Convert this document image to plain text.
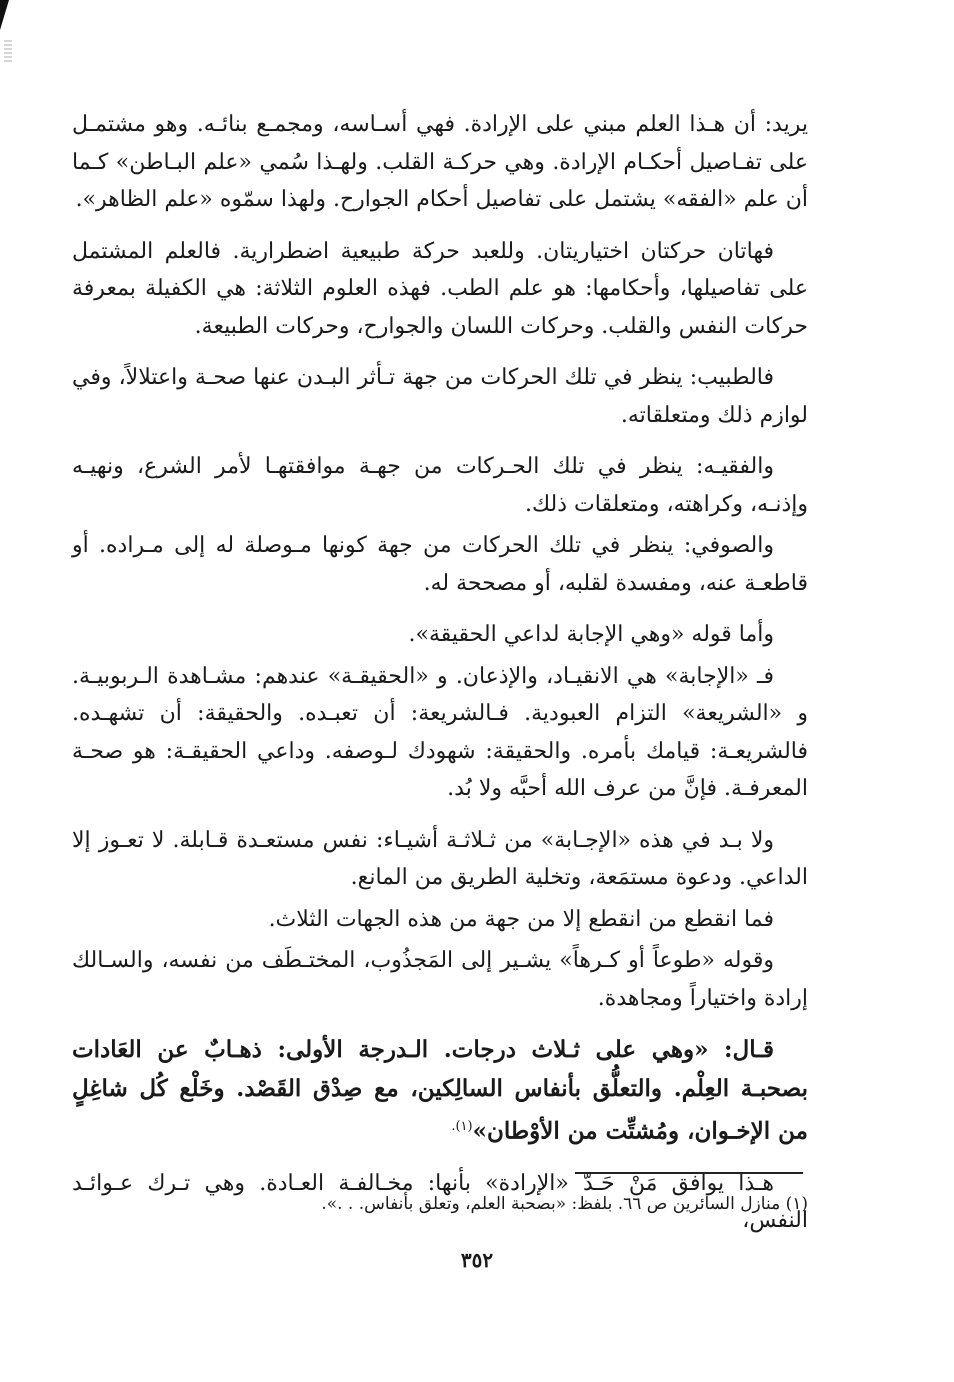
يريد: أن هـذا العلم مبني على الإرادة. فهي أسـاسه، ومجمـع بنائـه. وهو مشتمـل على تفـاصيل أحكـام الإرادة. وهي حركـة القلب. ولهـذا سُمي «علم البـاطن» كـما أن علم «الفقه» يشتمل على تفاصيل أحكام الجوارح. ولهذا سمّوه «علم الظاهر».

فهاتان حركتان اختياريتان. وللعبد حركة طبيعية اضطرارية. فالعلم المشتمل على تفاصيلها، وأحكامها: هو علم الطب. فهذه العلوم الثلاثة: هي الكفيلة بمعرفة حركات النفس والقلب. وحركات اللسان والجوارح، وحركات الطبيعة.

فالطبيب: ينظر في تلك الحركات من جهة تـأثر البـدن عنها صحـة واعتلالاً، وفي لوازم ذلك ومتعلقاته.

والفقيـه: ينظر في تلك الحـركات من جهـة موافقتهـا لأمر الشرع، ونهيـه وإذنـه، وكراهته، ومتعلقات ذلك.

والصوفي: ينظر في تلك الحركات من جهة كونها مـوصلة له إلى مـراده. أو قاطعـة عنه، ومفسدة لقلبه، أو مصححة له.

وأما قوله «وهي الإجابة لداعي الحقيقة».

فـ «الإجابة» هي الانقيـاد، والإذعان. و «الحقيقـة» عندهم: مشـاهدة الـربوبيـة. و «الشريعة» التزام العبودية. فـالشريعة: أن تعبـده. والحقيقة: أن تشهـده. فالشريعـة: قيامك بأمره. والحقيقة: شهودك لـوصفه. وداعي الحقيقـة: هو صحـة المعرفـة. فإنَّ من عرف الله أحبَّه ولا بُد.

ولا بـد في هذه «الإجـابة» من ثـلاثـة أشيـاء: نفس مستعـدة قـابلة. لا تعـوز إلا الداعي. ودعوة مستمَعة، وتخلية الطريق من المانع.

فما انقطع من انقطع إلا من جهة من هذه الجهات الثلاث.

وقوله «طوعاً أو كـرهاً» يشـير إلى المَجذُوب، المختـطَف من نفسه، والسـالك إرادة واختياراً ومجاهدة.

قـال: «وهي على ثـلاث درجات. الـدرجة الأولى: ذهـابٌ عن العَادات بصحبـة العِلْم. والتعلُّق بأنفاس السالِكين، مع صِدْق القَصْد. وخَلْع كُل شاغِلٍ من الإخـوان، ومُشتِّت من الأوْطان»$^{(١).}$

هـذا يوافق مَنْ حَـدّ «الإرادة» بأنها: مخـالفـة العـادة. وهي تـرك عـوائـد النفس،

(١) منازل السائرين ص ٦٦. بلفظ: «بصحبة العلم، وتعلق بأنفاس. . .».
٣٥٢
